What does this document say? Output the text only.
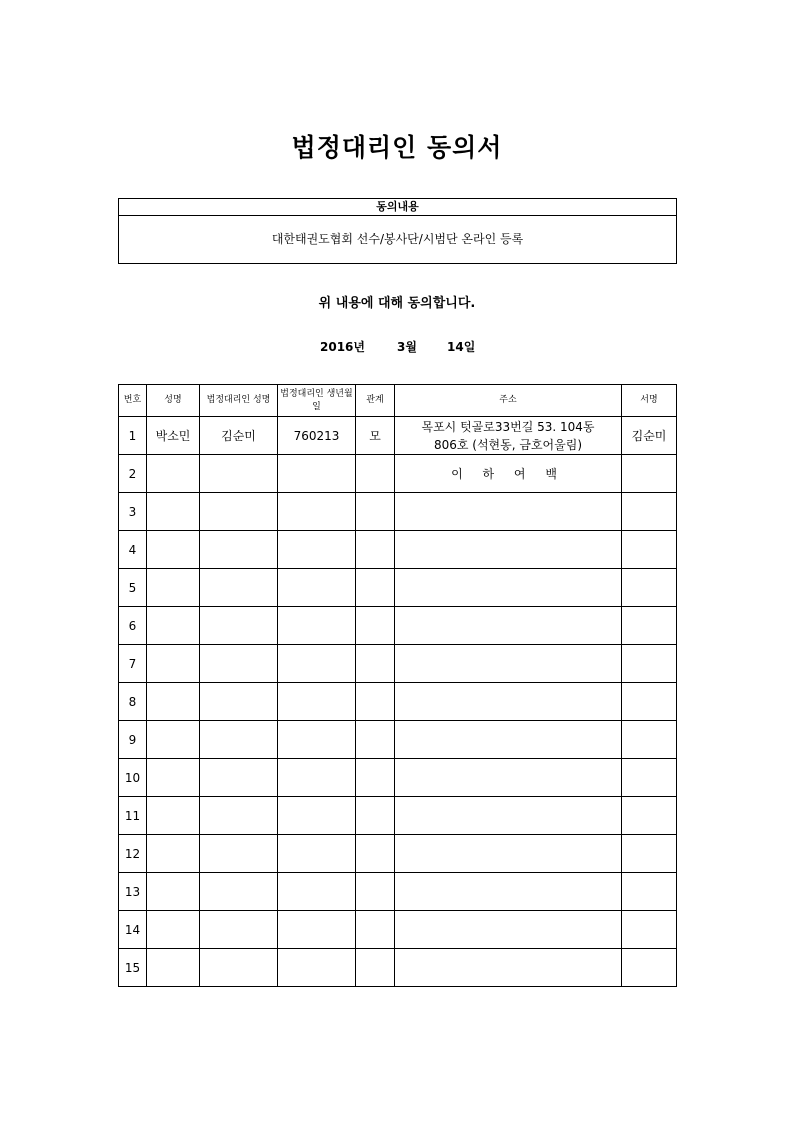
법정대리인 동의서
동의내용
대한태권도협회 선수/봉사단/시범단 온라인 등록
위 내용에 대해 동의합니다.
2016년	3월	14일
번호	성명	법정대리인 성명	법정대리인 생년월일	관계	주소	서명
1	박소민	김순미	760213	모	목포시 텃골로33번길 53. 104동
806호 (석현동, 금호어울림)	김순미
2					이 하 여 백	
3						
4						
5						
6						
7						
8						
9						
10						
11						
12						
13						
14						
15						
